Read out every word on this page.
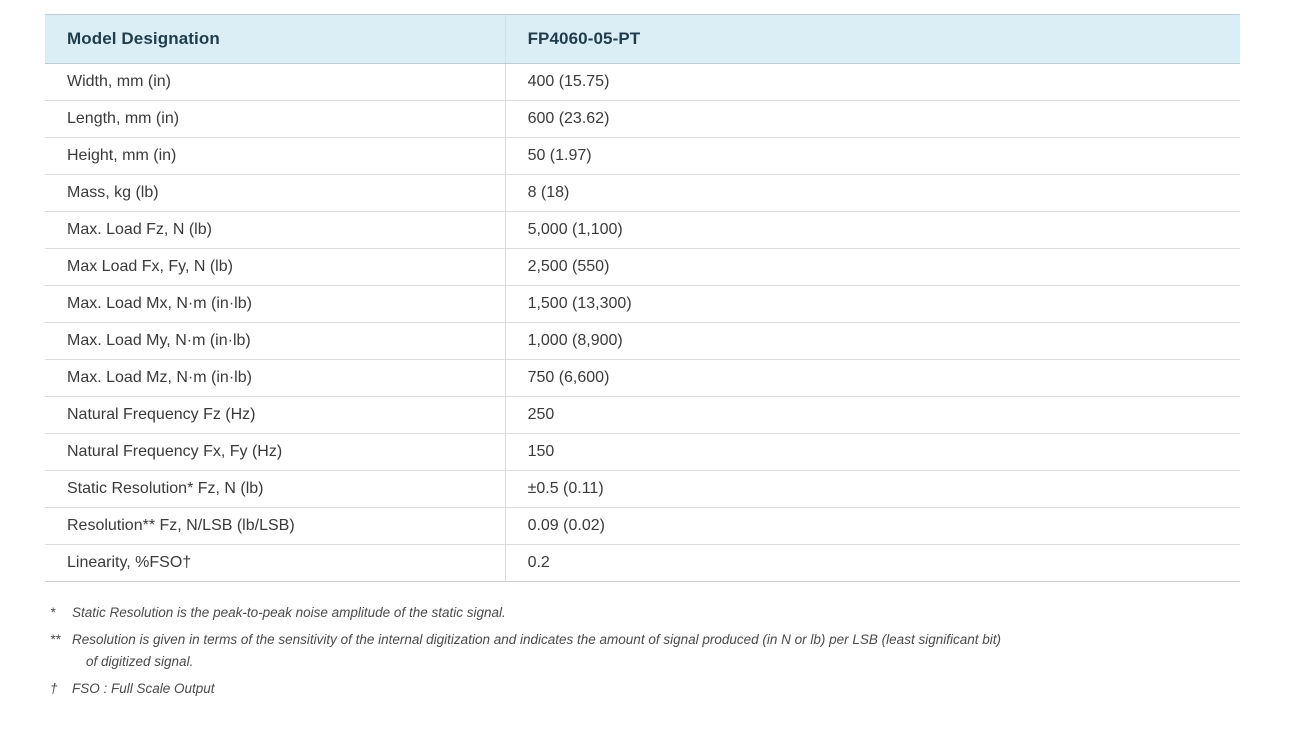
Model Designation	FP4060-05-PT
Width, mm (in)	400 (15.75)
Length, mm (in)	600 (23.62)
Height, mm (in)	50 (1.97)
Mass, kg (lb)	8 (18)
Max. Load Fz, N (lb)	5,000 (1,100)
Max Load Fx, Fy, N (lb)	2,500 (550)
Max. Load Mx, N·m (in·lb)	1,500 (13,300)
Max. Load My, N·m (in·lb)	1,000 (8,900)
Max. Load Mz, N·m (in·lb)	750 (6,600)
Natural Frequency Fz (Hz)	250
Natural Frequency Fx, Fy (Hz)	150
Static Resolution* Fz, N (lb)	±0.5 (0.11)
Resolution** Fz, N/LSB (lb/LSB)	0.09 (0.02)
Linearity, %FSO†	0.2
*	Static Resolution is the peak-to-peak noise amplitude of the static signal.
** Resolution is given in terms of the sensitivity of the internal digitization and indicates the amount of signal produced (in N or lb) per LSB (least significant bit)
of digitized signal.
†	FSO : Full Scale Output
